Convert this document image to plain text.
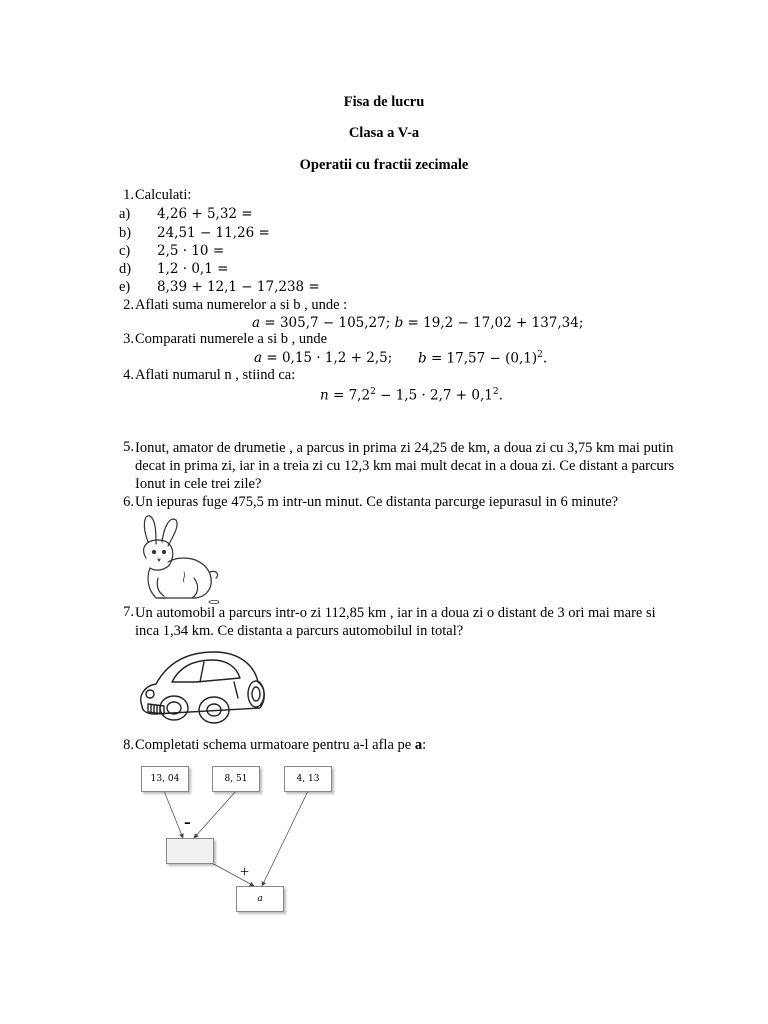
Fisa de lucru
Clasa a V-a
Operatii cu fractii zecimale
1. Calculati:
a) 4,26 + 5,32 =
b) 24,51 − 11,26 =
c) 2,5 · 10 =
d) 1,2 · 0,1 =
e) 8,39 + 12,1 − 17,238 =
2. Aflati suma numerelor a si b , unde :
a = 305,7 − 105,27; b = 19,2 − 17,02 + 137,34;
3. Comparati numerele a si b , unde
a = 0,15 · 1,2 + 2,5; $b = 17,57 - (0,1)^2$.
4. Aflati numarul n , stiind ca:
$n = 7,2^2 - 1,5 \cdot 2,7 + 0,1^2$.
5. Ionut, amator de drumetie , a parcus in prima zi 24,25 de km, a doua zi cu 3,75 km mai putin decat in prima zi, iar in a treia zi cu 12,3 km mai mult decat in a doua zi. Ce distant a parcurs Ionut in cele trei zile?
6. Un iepuras fuge 475,5 m intr-un minut. Ce distanta parcurge iepurasul in 6 minute?
7. Un automobil a parcurs intr-o zi 112,85 km , iar in a doua zi o distant de 3 ori mai mare si inca 1,34 km. Ce distanta a parcurs automobilul in total?
8. Completati schema urmatoare pentru a-l afla pe a:
13, 04	8, 51	4, 13
-
+
a
